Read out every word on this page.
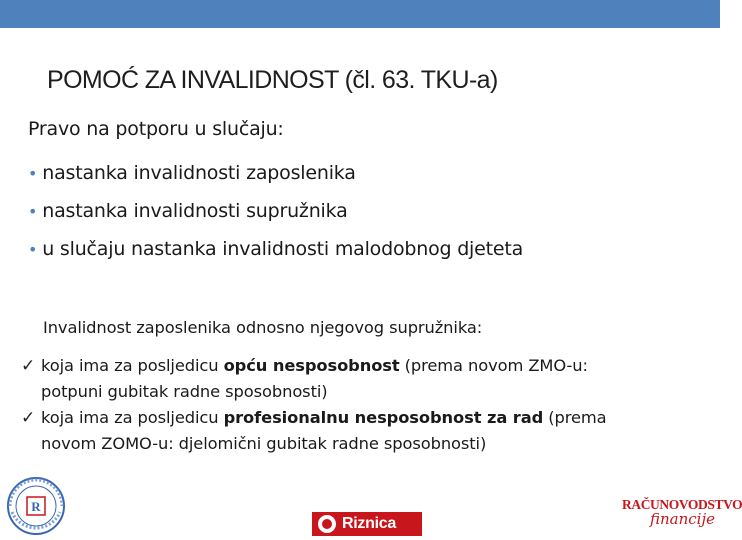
POMOĆ ZA INVALIDNOST (čl. 63. TKU-a)
Pravo na potporu u slučaju:
• nastanka invalidnosti zaposlenika
• nastanka invalidnosti supružnika
• u slučaju nastanka invalidnosti malodobnog djeteta
Invalidnost zaposlenika odnosno njegovog supružnika:
✓ koja ima za posljedicu opću nesposobnost (prema novom ZMO-u:
potpuni gubitak radne sposobnosti)
✓ koja ima za posljedicu profesionalnu nesposobnost za rad (prema
novom ZOMO-u: djelomični gubitak radne sposobnosti)
R
Riznica
RAČUNOVODSTVO
financije
